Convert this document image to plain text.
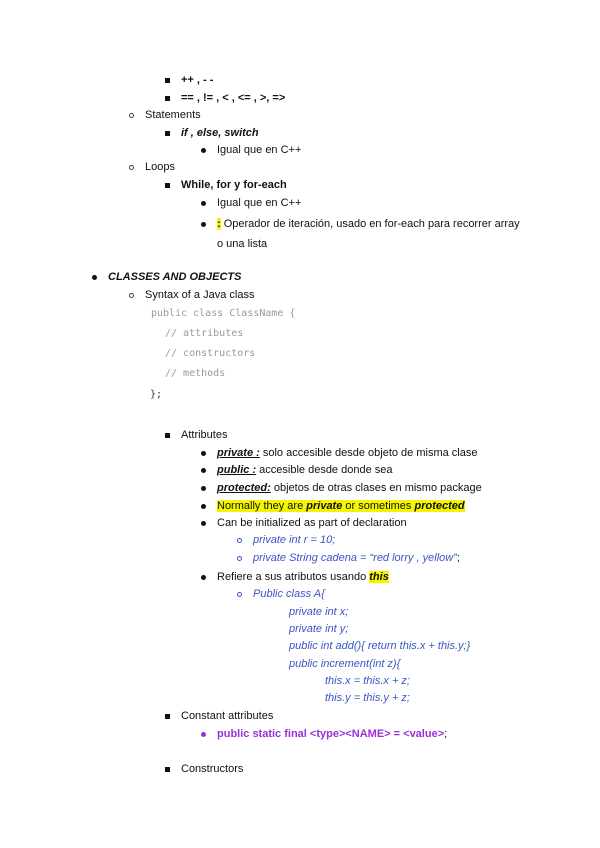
++ , - -
== , != , < , <= , >, =>
Statements
if , else, switch
Igual que en C++
Loops
While, for y for-each
Igual que en C++
: Operador de iteración, usado en for-each para recorrer array
o una lista
CLASSES AND OBJECTS
Syntax of a Java class
public class ClassName {
// attributes
// constructors
// methods
};
Attributes
private : solo accesible desde objeto de misma clase
public : accesible desde donde sea
protected: objetos de otras clases en mismo package
Normally they are private or sometimes protected
Can be initialized as part of declaration
private int r = 10;
private String cadena = “red lorry , yellow”;
Refiere a sus atributos usando this
Public class A{
private int x;
private int y;
public int add(){ return this.x + this.y;}
public increment(int z){
this.x = this.x + z;
this.y = this.y + z;
Constant attributes
public static final <type><NAME> = <value>;
Constructors
